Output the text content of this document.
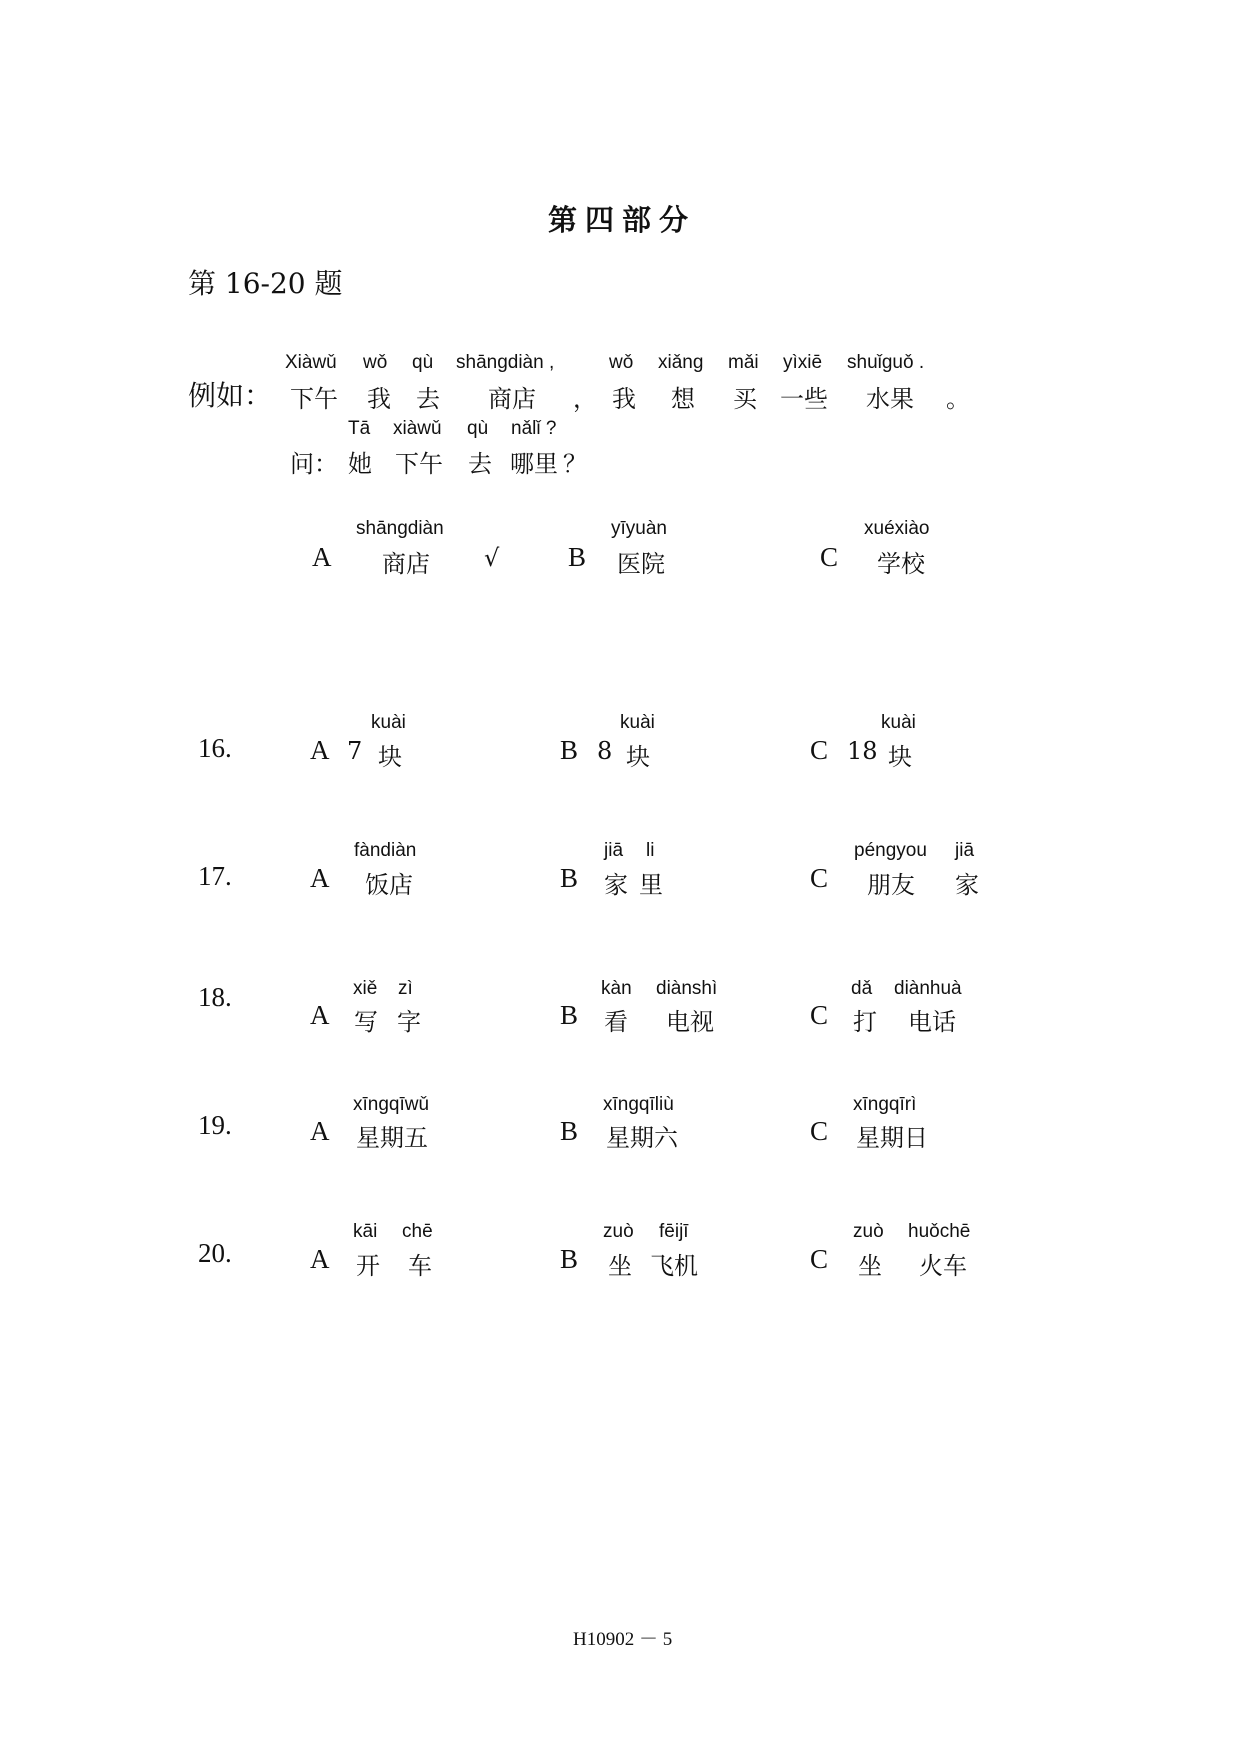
第四部分
第 16-20 题
例如：
Xiàwǔ wǒ qù shāngdiàn ,	wǒ xiǎng mǎi yìxiē shuǐguǒ .
下午 我 去 商店 ， 我 想 买 一些 水果 。
问：
Tā xiàwǔ qù nǎlǐ ?
她 下午 去 哪里 ？
A
shāngdiàn
商店 √	B
yīyuàn
医院	C
xuéxiào
学校
16.	A 7
kuài
块	B 8
kuài
块	C 18
kuài
块
17.	A
fàndiàn
饭店	B
jiā li
家 里	C
péngyou jiā
朋友 家
18.
A
xiě zì
写 字	B
kàn diànshì
看 电视	C
dǎ diànhuà
打 电话
19.	A
xīngqīwǔ
星期五	B
xīngqīliù
星期六	C
xīngqīrì
星期日
20.	A
kāi chē
开 车	B
zuò fēijī
坐 飞机	C
zuò huǒchē
坐 火车
H10902 － 5
